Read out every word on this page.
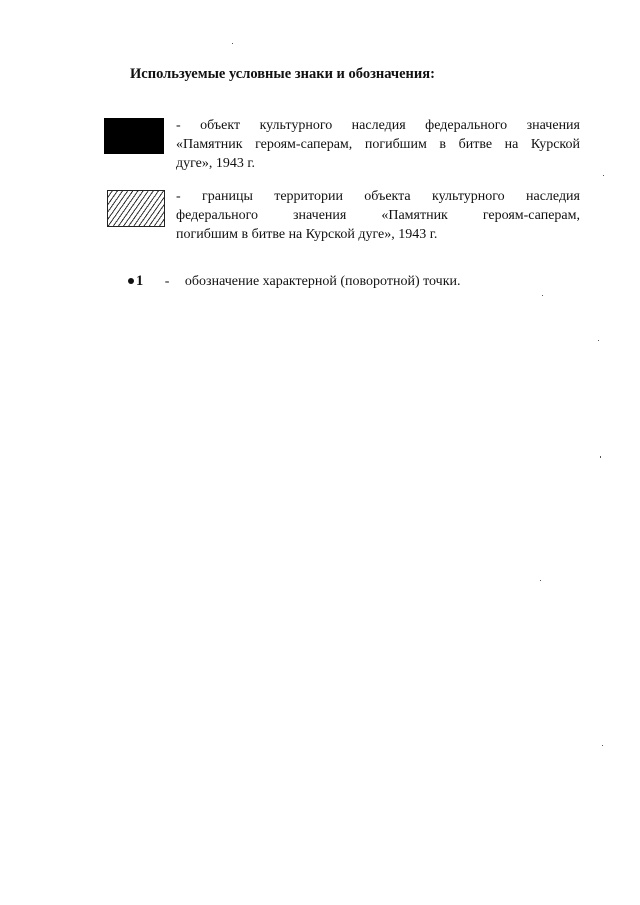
Используемые условные знаки и обозначения:
- объект культурного наследия федерального значения
«Памятник героям-саперам, погибшим в битве на Курской
дуге», 1943 г.
- границы территории объекта культурного наследия
федерального значения «Памятник героям-саперам,
погибшим в битве на Курской дуге», 1943 г.
1 - обозначение характерной (поворотной) точки.
